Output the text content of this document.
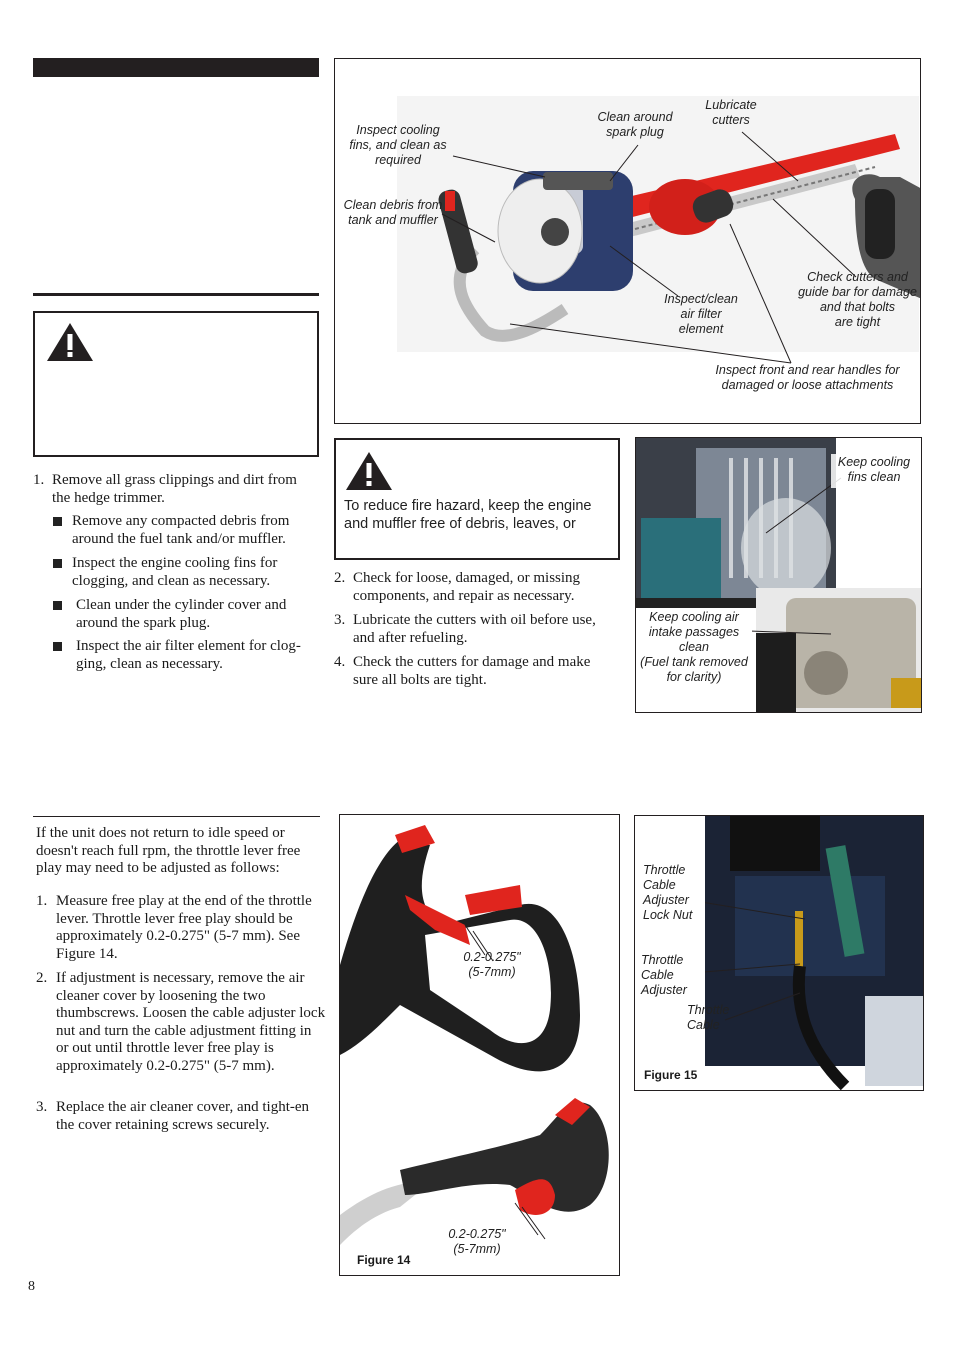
1. Remove all grass clippings and dirt from
the hedge trimmer.
Remove any compacted debris from
around the fuel tank and/or muffler.
Inspect the engine cooling fins for
clogging, and clean as necessary.
Clean under the cylinder cover and
around the spark plug.
Inspect the air filter element for clog-
ging, clean as necessary.
Inspect cooling
fins, and clean as
required
Clean around
spark plug
Lubricate
cutters
Clean debris from
tank and muffler
Inspect/clean
air filter
element
Check cutters and
guide bar for damage
and that bolts
are tight
Inspect front and rear handles for
damaged or loose attachments
To reduce fire hazard, keep the engine and muffler free of debris, leaves, or
2. Check for loose, damaged, or missing
components, and repair as necessary.
3. Lubricate the cutters with oil before use,
and after refueling.
4. Check the cutters for damage and make
sure all bolts are tight.
Keep cooling
fins clean
Keep cooling air
intake passages
clean
(Fuel tank removed
for clarity)
If the unit does not return to idle speed or doesn't reach full rpm, the throttle lever free play may need to be adjusted as follows:
1. Measure free play at the end of the throttle lever. Throttle lever free play should be approximately 0.2-0.275" (5-7 mm). See Figure 14.
2. If adjustment is necessary, remove the air cleaner cover by loosening the two thumbscrews. Loosen the cable adjuster lock nut and turn the cable adjustment fitting in or out until throttle lever free play is approximately 0.2-0.275" (5-7 mm).
3. Replace the air cleaner cover, and tight-en the cover retaining screws securely.
0.2-0.275"
(5-7mm)
0.2-0.275"
(5-7mm)
Figure 14
Throttle
Cable
Adjuster
Lock Nut
Throttle
Cable
Adjuster
Throttle
Cable
Figure 15
8
